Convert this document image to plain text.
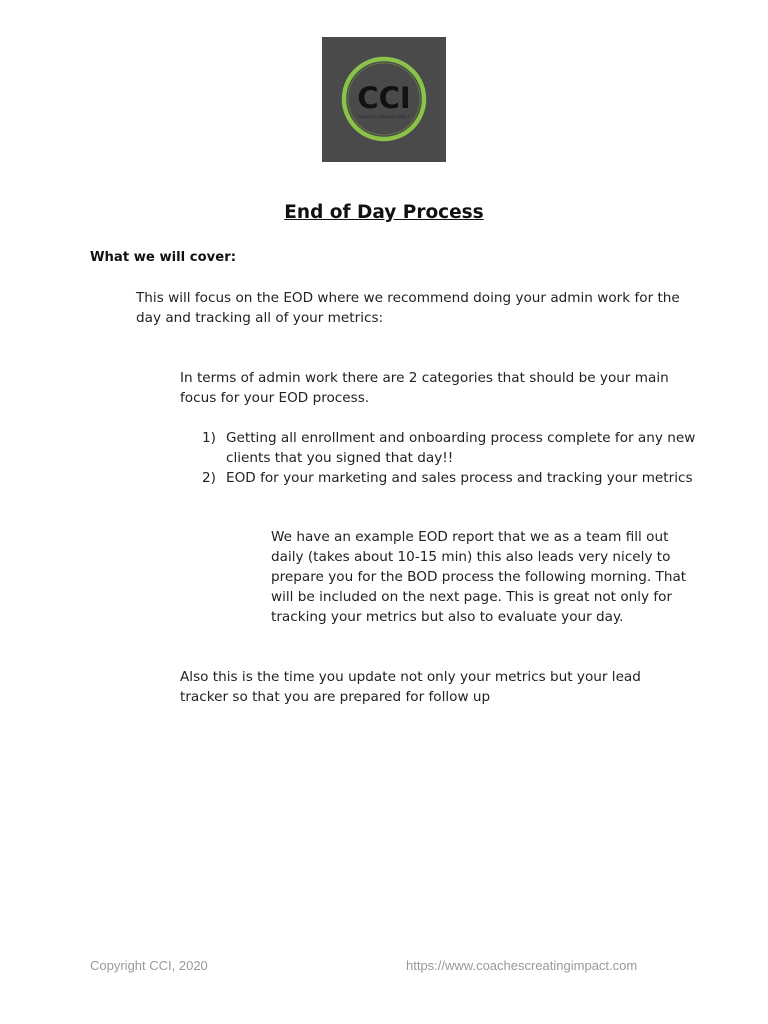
CCI
COACHES CREATING IMPACT
End of Day Process

What we will cover:

This will focus on the EOD where we recommend doing your admin work for the day and tracking all of your metrics:

In terms of admin work there are 2 categories that should be your main focus for your EOD process.

1) Getting all enrollment and onboarding process complete for any new clients that you signed that day!!
2) EOD for your marketing and sales process and tracking your metrics

We have an example EOD report that we as a team fill out daily (takes about 10-15 min) this also leads very nicely to prepare you for the BOD process the following morning. That will be included on the next page. This is great not only for tracking your metrics but also to evaluate your day.

Also this is the time you update not only your metrics but your lead tracker so that you are prepared for follow up

Copyright CCI, 2020	https://www.coachescreatingimpact.com
